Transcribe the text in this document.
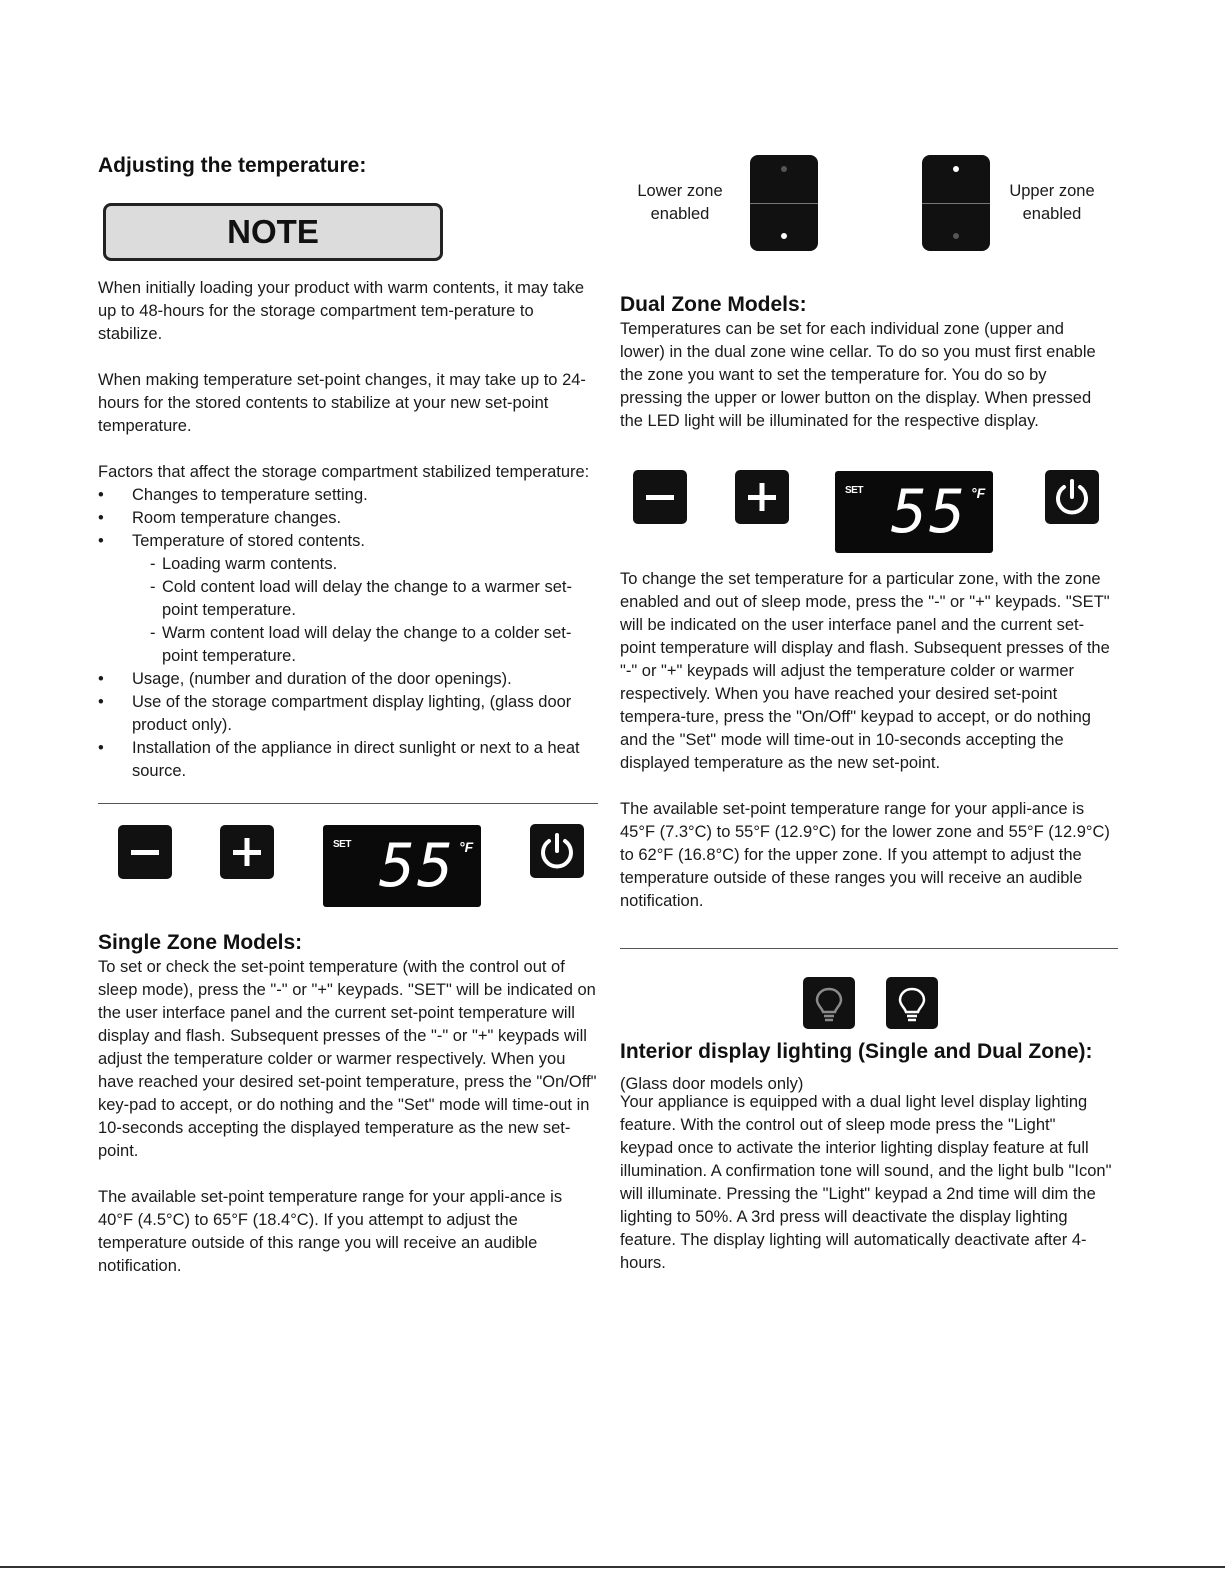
Adjusting the temperature:
NOTE

When initially loading your product with warm contents, it may take up to 48-hours for the storage compartment tem-perature to stabilize.

When making temperature set-point changes, it may take up to 24-hours for the stored contents to stabilize at your new set-point temperature.

Factors that affect the storage compartment stabilized temperature:

• Changes to temperature setting.
• Room temperature changes.
• Temperature of stored contents.
- Loading warm contents.
- Cold content load will delay the change to a warmer set-point temperature.
- Warm content load will delay the change to a colder set-point temperature.
• Usage, (number and duration of the door openings).
• Use of the storage compartment display lighting, (glass door product only).
• Installation of the appliance in direct sunlight or next to a heat source.
SET 55 °F
Single Zone Models:

To set or check the set-point temperature (with the control out of sleep mode), press the "-" or "+" keypads. "SET" will be indicated on the user interface panel and the current set-point temperature will display and flash. Subsequent presses of the "-" or "+" keypads will adjust the temperature colder or warmer respectively. When you have reached your desired set-point temperature, press the "On/Off" key-pad to accept, or do nothing and the "Set" mode will time-out in 10-seconds accepting the displayed temperature as the new set-point.

The available set-point temperature range for your appli-ance is 40°F (4.5°C) to 65°F (18.4°C). If you attempt to adjust the temperature outside of this range you will receive an audible notification.

Lower zone enabled
Upper zone enabled
Dual Zone Models:
Temperatures can be set for each individual zone (upper and lower) in the dual zone wine cellar. To do so you must first enable the zone you want to set the temperature for. You do so by pressing the upper or lower button on the display. When pressed the LED light will be illuminated for the respective display.
SET 55 °F

To change the set temperature for a particular zone, with the zone enabled and out of sleep mode, press the "-" or "+" keypads. "SET" will be indicated on the user interface panel and the current set-point temperature will display and flash. Subsequent presses of the "-" or "+" keypads will adjust the temperature colder or warmer respectively. When you have reached your desired set-point tempera-ture, press the "On/Off" keypad to accept, or do nothing and the "Set" mode will time-out in 10-seconds accepting the displayed temperature as the new set-point.

The available set-point temperature range for your appli-ance is 45°F (7.3°C) to 55°F (12.9°C) for the lower zone and 55°F (12.9°C) to 62°F (16.8°C) for the upper zone. If you attempt to adjust the temperature outside of these ranges you will receive an audible notification.

Interior display lighting (Single and Dual Zone): (Glass door models only)
Your appliance is equipped with a dual light level display lighting feature. With the control out of sleep mode press the "Light" keypad once to activate the interior lighting display feature at full illumination. A confirmation tone will sound, and the light bulb "Icon" will illuminate. Pressing the "Light" keypad a 2nd time will dim the lighting to 50%. A 3rd press will deactivate the display lighting feature. The display lighting will automatically deactivate after 4-hours.
